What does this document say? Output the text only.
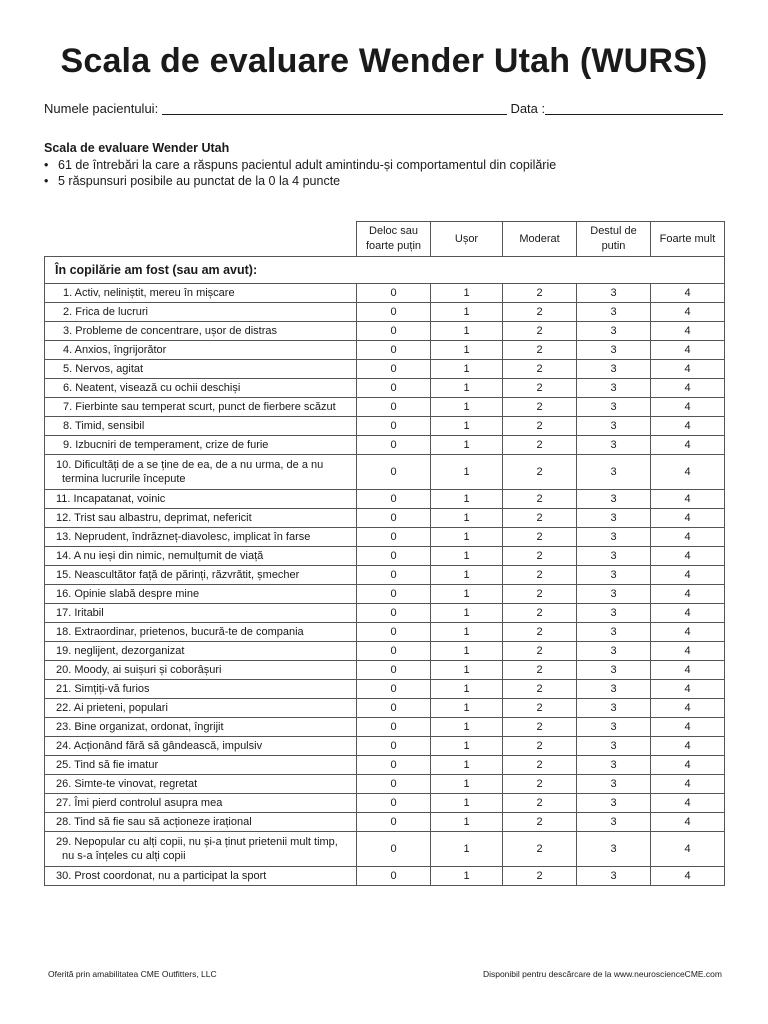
Scala de evaluare Wender Utah (WURS)
Numele pacientului:	Data :
Scala de evaluare Wender Utah
• 61 de întrebări la care a răspuns pacientul adult amintindu-și comportamentul din copilărie
• 5 răspunsuri posibile au punctat de la 0 la 4 puncte

	Deloc sau
foarte puțin	Ușor	Moderat	Destul de
putin	Foarte mult

În copilărie am fost (sau am avut):					

1. Activ, neliniștit, mereu în mișcare	0	1	2	3	4

2. Frica de lucruri	0	1	2	3	4

3. Probleme de concentrare, ușor de distras	0	1	2	3	4

4. Anxios, îngrijorător	0	1	2	3	4

5. Nervos, agitat	0	1	2	3	4

6. Neatent, visează cu ochii deschiși	0	1	2	3	4

7. Fierbinte sau temperat scurt, punct de fierbere scăzut	0	1	2	3	4

8. Timid, sensibil	0	1	2	3	4

9. Izbucniri de temperament, crize de furie	0	1	2	3	4

10. Dificultăți de a se ține de ea, de a nu urma, de a nu
termina lucrurile începute	0	1	2	3	4

11. Incapatanat, voinic	0	1	2	3	4

12. Trist sau albastru, deprimat, nefericit	0	1	2	3	4

13. Neprudent, îndrăzneț-diavolesc, implicat în farse	0	1	2	3	4

14. A nu ieși din nimic, nemulțumit de viață	0	1	2	3	4

15. Neascultător față de părinți, răzvrătit, șmecher	0	1	2	3	4

16. Opinie slabă despre mine	0	1	2	3	4

17. Iritabil	0	1	2	3	4

18. Extraordinar, prietenos, bucură-te de compania	0	1	2	3	4

19. neglijent, dezorganizat	0	1	2	3	4

20. Moody, ai suișuri și coborâșuri	0	1	2	3	4

21. Simțiți-vă furios	0	1	2	3	4

22. Ai prieteni, populari	0	1	2	3	4

23. Bine organizat, ordonat, îngrijit	0	1	2	3	4

24. Acționând fără să gândească, impulsiv	0	1	2	3	4

25. Tind să fie imatur	0	1	2	3	4

26. Simte-te vinovat, regretat	0	1	2	3	4

27. Îmi pierd controlul asupra mea	0	1	2	3	4

28. Tind să fie sau să acționeze irațional	0	1	2	3	4

29. Nepopular cu alți copii, nu și-a ținut prietenii mult timp,
nu s-a înțeles cu alți copii	0	1	2	3	4

30. Prost coordonat, nu a participat la sport	0	1	2	3	4
Oferită prin amabilitatea CME Outfitters, LLC	Disponibil pentru descărcare de la www.neuroscienceCME.com
